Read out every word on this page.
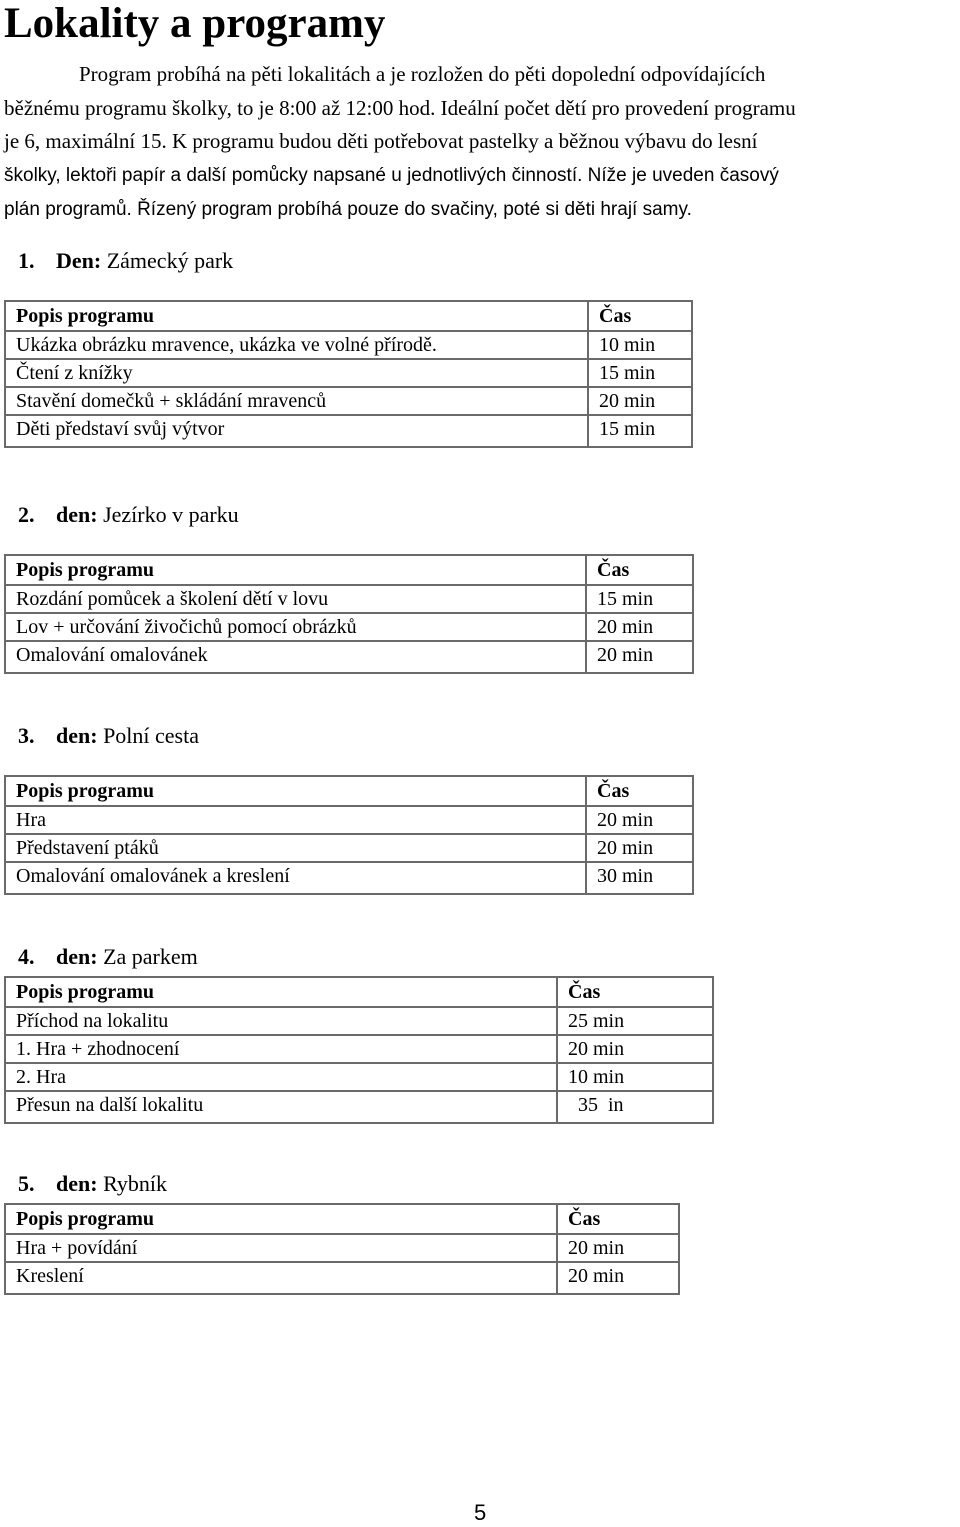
Lokality a programy
Program probíhá na pěti lokalitách a je rozložen do pěti dopolední odpovídajících
běžnému programu školky, to je 8:00 až 12:00 hod. Ideální počet dětí pro provedení programu
je 6, maximální 15. K programu budou děti potřebovat pastelky a běžnou výbavu do lesní
školky, lektoři papír a další pomůcky napsané u jednotlivých činností. Níže je uveden časový
plán programů. Řízený program probíhá pouze do svačiny, poté si děti hrají samy.
1. Den: Zámecký park
Popis programu	Čas
Ukázka obrázku mravence, ukázka ve volné přírodě.	10 min
Čtení z knížky	15 min
Stavění domečků + skládání mravenců	20 min
Děti představí svůj výtvor	15 min
2. den: Jezírko v parku
Popis programu	Čas
Rozdání pomůcek a školení dětí v lovu	15 min
Lov + určování živočichů pomocí obrázků	20 min
Omalování omalovánek	20 min
3. den: Polní cesta
Popis programu	Čas
Hra	20 min
Představení ptáků	20 min
Omalování omalovánek a kreslení	30 min
4. den: Za parkem
Popis programu	Čas
Příchod na lokalitu	25 min
1. Hra + zhodnocení	20 min
2. Hra	10 min
Přesun na další lokalitu	35  in
5. den: Rybník
Popis programu	Čas
Hra + povídání	20 min
Kreslení	20 min
5
